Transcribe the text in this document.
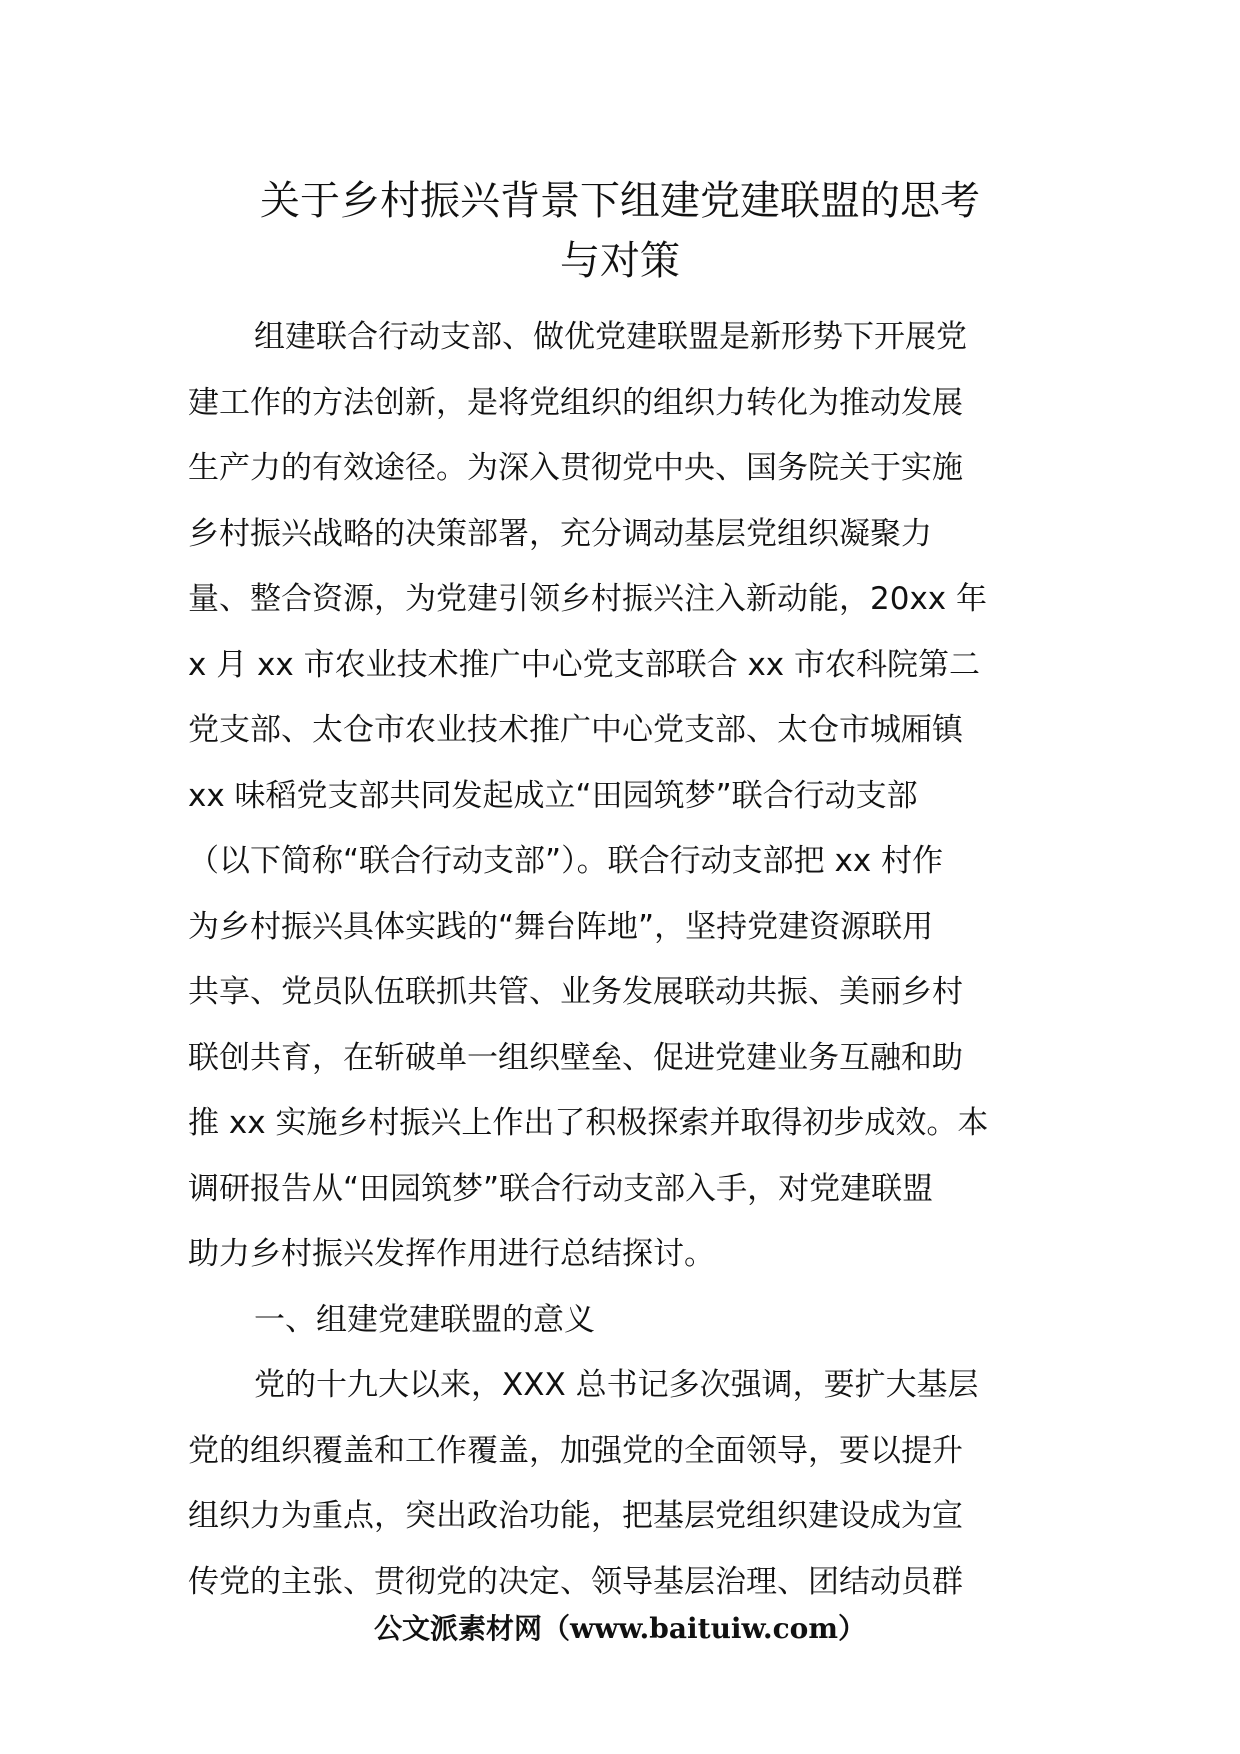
关于乡村振兴背景下组建党建联盟的思考
与对策
组建联合行动支部、做优党建联盟是新形势下开展党
建工作的方法创新，是将党组织的组织力转化为推动发展
生产力的有效途径。为深入贯彻党中央、国务院关于实施
乡村振兴战略的决策部署，充分调动基层党组织凝聚力
量、整合资源，为党建引领乡村振兴注入新动能，20xx 年
x 月 xx 市农业技术推广中心党支部联合 xx 市农科院第二
党支部、太仓市农业技术推广中心党支部、太仓市城厢镇
xx 味稻党支部共同发起成立“田园筑梦”联合行动支部
（以下简称“联合行动支部”）。联合行动支部把 xx 村作
为乡村振兴具体实践的“舞台阵地”，坚持党建资源联用
共享、党员队伍联抓共管、业务发展联动共振、美丽乡村
联创共育，在斩破单一组织壁垒、促进党建业务互融和助
推 xx 实施乡村振兴上作出了积极探索并取得初步成效。本
调研报告从“田园筑梦”联合行动支部入手，对党建联盟
助力乡村振兴发挥作用进行总结探讨。
一、组建党建联盟的意义
党的十九大以来，XXX 总书记多次强调，要扩大基层
党的组织覆盖和工作覆盖，加强党的全面领导，要以提升
组织力为重点，突出政治功能，把基层党组织建设成为宣
传党的主张、贯彻党的决定、领导基层治理、团结动员群
公文派素材网（www.baituiw.com）
